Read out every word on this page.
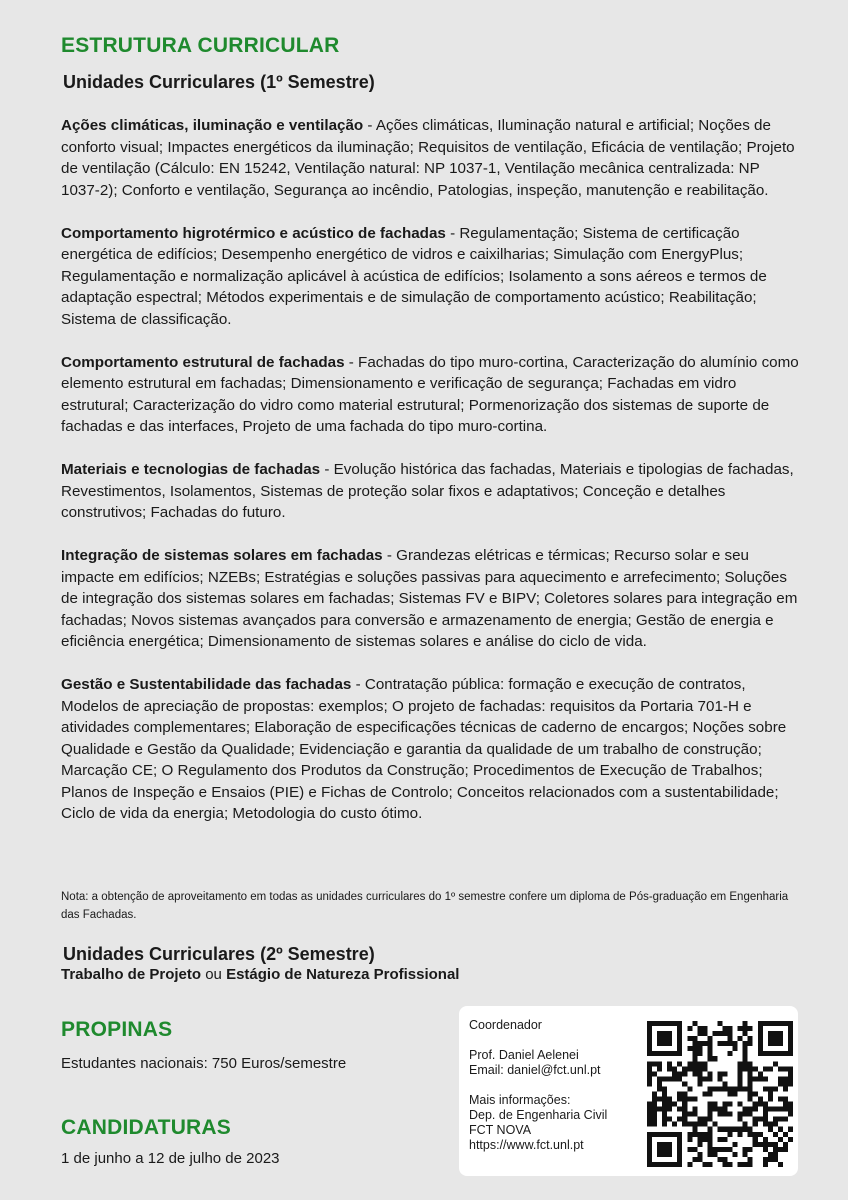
ESTRUTURA CURRICULAR
Unidades Curriculares (1º Semestre)

Ações climáticas, iluminação e ventilação - Ações climáticas, Iluminação natural e artificial; Noções de conforto visual; Impactes energéticos da iluminação; Requisitos de ventilação, Eficácia de ventilação; Projeto de ventilação (Cálculo: EN 15242, Ventilação natural: NP 1037-1, Ventilação mecânica centralizada: NP 1037-2); Conforto e ventilação, Segurança ao incêndio, Patologias, inspeção, manutenção e reabilitação.

Comportamento higrotérmico e acústico de fachadas - Regulamentação; Sistema de certificação energética de edifícios; Desempenho energético de vidros e caixilharias; Simulação com EnergyPlus; Regulamentação e normalização aplicável à acústica de edifícios; Isolamento a sons aéreos e termos de adaptação espectral; Métodos experimentais e de simulação de comportamento acústico; Reabilitação; Sistema de classificação.

Comportamento estrutural de fachadas - Fachadas do tipo muro-cortina, Caracterização do alumínio como elemento estrutural em fachadas; Dimensionamento e verificação de segurança; Fachadas em vidro estrutural; Caracterização do vidro como material estrutural; Pormenorização dos sistemas de suporte de fachadas e das interfaces, Projeto de uma fachada do tipo muro-cortina.

Materiais e tecnologias de fachadas - Evolução histórica das fachadas, Materiais e tipologias de fachadas, Revestimentos, Isolamentos, Sistemas de proteção solar fixos e adaptativos; Conceção e detalhes construtivos; Fachadas do futuro.

Integração de sistemas solares em fachadas - Grandezas elétricas e térmicas; Recurso solar e seu impacte em edifícios; NZEBs; Estratégias e soluções passivas para aquecimento e arrefecimento; Soluções de integração dos sistemas solares em fachadas; Sistemas FV e BIPV; Coletores solares para integração em fachadas; Novos sistemas avançados para conversão e armazenamento de energia; Gestão de energia e eficiência energética; Dimensionamento de sistemas solares e análise do ciclo de vida.

Gestão e Sustentabilidade das fachadas - Contratação pública: formação e execução de contratos, Modelos de apreciação de propostas: exemplos; O projeto de fachadas: requisitos da Portaria 701-H e atividades complementares; Elaboração de especificações técnicas de caderno de encargos; Noções sobre Qualidade e Gestão da Qualidade; Evidenciação e garantia da qualidade de um trabalho de construção; Marcação CE; O Regulamento dos Produtos da Construção; Procedimentos de Execução de Trabalhos; Planos de Inspeção e Ensaios (PIE) e Fichas de Controlo; Conceitos relacionados com a sustentabilidade; Ciclo de vida da energia; Metodologia do custo ótimo.

Nota: a obtenção de aproveitamento em todas as unidades curriculares do 1º semestre confere um diploma de Pós-graduação em Engenharia das Fachadas.

Unidades Curriculares (2º Semestre)
Trabalho de Projeto ou Estágio de Natureza Profissional
PROPINAS
Estudantes nacionais: 750 Euros/semestre
CANDIDATURAS
1 de junho a 12 de julho de 2023

Coordenador

Prof. Daniel Aelenei

Email: daniel@fct.unl.pt

Mais informações:

Dep. de Engenharia Civil

FCT NOVA

https://www.fct.unl.pt
